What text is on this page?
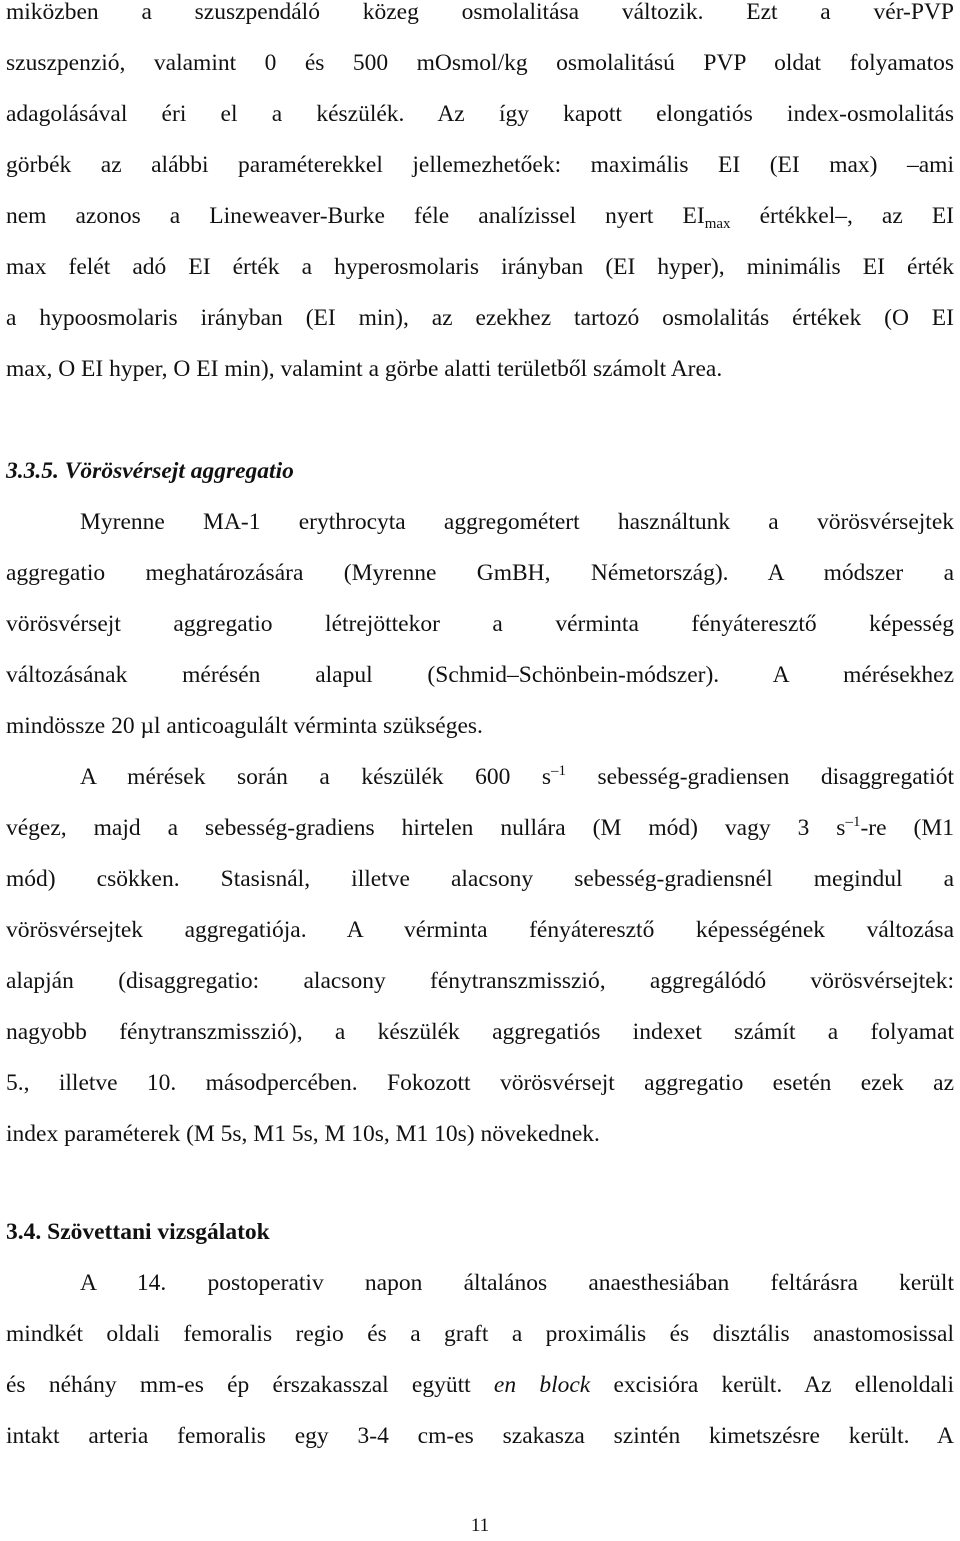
miközben a szuszpendáló közeg osmolalitása változik. Ezt a vér-PVP
szuszpenzió, valamint 0 és 500 mOsmol/kg osmolalitású PVP oldat folyamatos
adagolásával éri el a készülék. Az így kapott elongatiós index-osmolalitás
görbék az alábbi paraméterekkel jellemezhetőek: maximális EI (EI max) –ami
nem azonos a Lineweaver-Burke féle analízissel nyert $EI_{max}$ értékkel–, az EI
max felét adó EI érték a hyperosmolaris irányban (EI hyper), minimális EI érték
a hypoosmolaris irányban (EI min), az ezekhez tartozó osmolalitás értékek (O EI
max, O EI hyper, O EI min), valamint a görbe alatti területből számolt Area.
3.3.5. Vörösvérsejt aggregatio
Myrenne MA-1 erythrocyta aggregométert használtunk a vörösvérsejtek
aggregatio meghatározására (Myrenne GmBH, Németország). A módszer a
vörösvérsejt aggregatio létrejöttekor a vérminta fényáteresztő képesség
változásának mérésén alapul (Schmid–Schönbein-módszer). A mérésekhez
mindössze 20 µl anticoagulált vérminta szükséges.
A mérések során a készülék 600 $s^{-1}$ sebesség-gradiensen disaggregatiót
végez, majd a sebesség-gradiens hirtelen nullára (M mód) vagy 3 $s^{-1}-re$ (M1
mód) csökken. Stasisnál, illetve alacsony sebesség-gradiensnél megindul a
vörösvérsejtek aggregatiója. A vérminta fényáteresztő képességének változása
alapján (disaggregatio: alacsony fénytranszmisszió, aggregálódó vörösvérsejtek:
nagyobb fénytranszmisszió), a készülék aggregatiós indexet számít a folyamat
5., illetve 10. másodpercében. Fokozott vörösvérsejt aggregatio esetén ezek az
index paraméterek (M 5s, M1 5s, M 10s, M1 10s) növekednek.
3.4. Szövettani vizsgálatok
A 14. postoperativ napon általános anaesthesiában feltárásra került
mindkét oldali femoralis regio és a graft a proximális és disztális anastomosissal
és néhány mm-es ép érszakasszal együtt en block excisióra került. Az ellenoldali
intakt arteria femoralis egy 3-4 cm-es szakasza szintén kimetszésre került. A
11
